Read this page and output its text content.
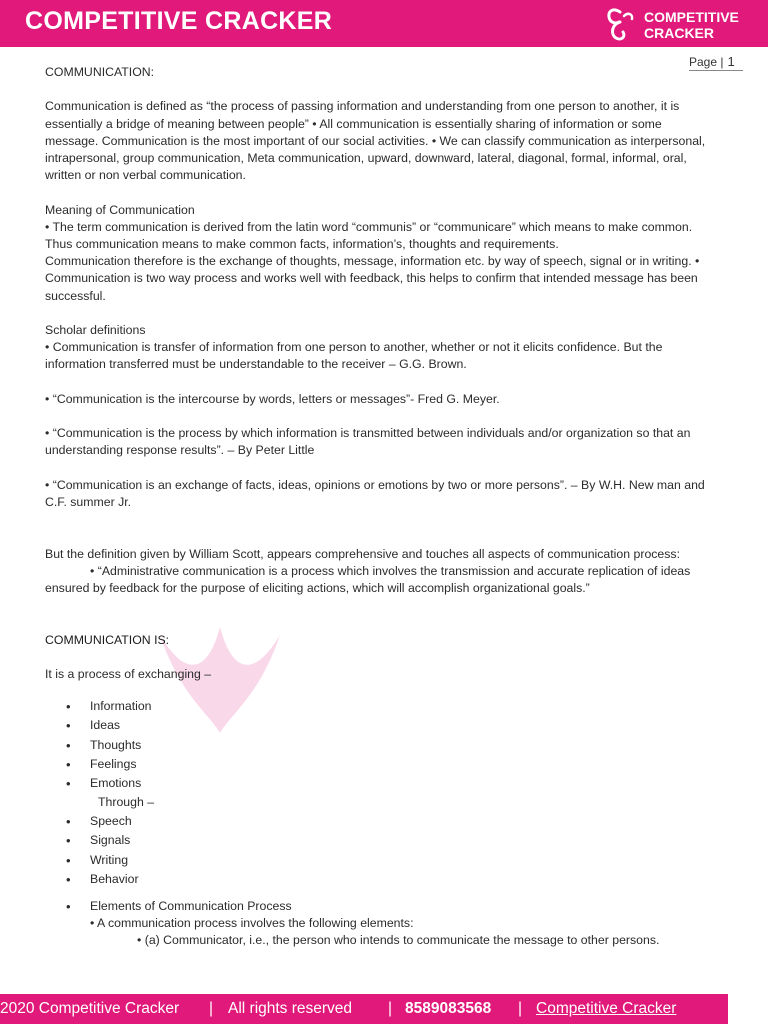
COMPETITIVE CRACKER	COMPETITIVE
CRACKER
Page | 1

COMMUNICATION:

Communication is defined as “the process of passing information and understanding from one person to another, it is

essentially a bridge of meaning between people” • All communication is essentially sharing of information or some

message. Communication is the most important of our social activities. • We can classify communication as interpersonal,

intrapersonal, group communication, Meta communication, upward, downward, lateral, diagonal, formal, informal, oral,

written or non verbal communication.

Meaning of Communication

• The term communication is derived from the latin word “communis” or “communicare” which means to make common.

Thus communication means to make common facts, information’s, thoughts and requirements.

Communication therefore is the exchange of thoughts, message, information etc. by way of speech, signal or in writing. •

Communication is two way process and works well with feedback, this helps to confirm that intended message has been

successful.

Scholar definitions

• Communication is transfer of information from one person to another, whether or not it elicits confidence. But the

information transferred must be understandable to the receiver – G.G. Brown.

• “Communication is the intercourse by words, letters or messages”- Fred G. Meyer.

• “Communication is the process by which information is transmitted between individuals and/or organization so that an

understanding response results”. – By Peter Little

• “Communication is an exchange of facts, ideas, opinions or emotions by two or more persons”. – By W.H. New man and

C.F. summer Jr.

But the definition given by William Scott, appears comprehensive and touches all aspects of communication process:

• “Administrative communication is a process which involves the transmission and accurate replication of ideas

ensured by feedback for the purpose of eliciting actions, which will accomplish organizational goals.”

COMMUNICATION IS:

It is a process of exchanging –

• Information
• Ideas
• Thoughts
• Feelings
• Emotions
Through –
• Speech
• Signals
• Writing
• Behavior
• Elements of Communication Process

• A communication process involves the following elements:

• (a) Communicator, i.e., the person who intends to communicate the message to other persons.

2020 Competitive Cracker | All rights reserved | 8589083568 | Competitive Cracker
